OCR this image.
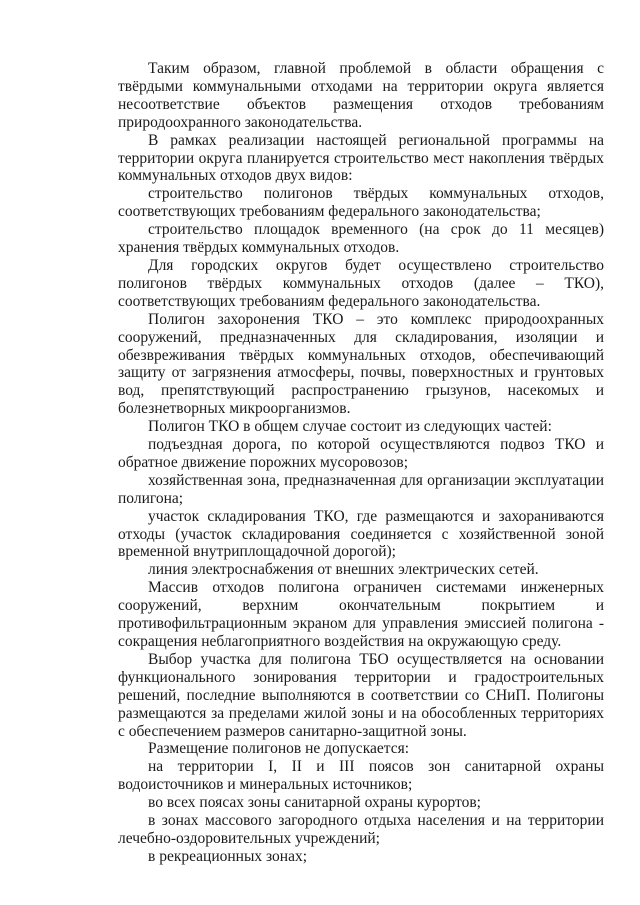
Таким образом, главной проблемой в области обращения с твёрдыми коммунальными отходами на территории округа является несоответствие объектов размещения отходов требованиям природоохранного законодательства.

В рамках реализации настоящей региональной программы на территории округа планируется строительство мест накопления твёрдых коммунальных отходов двух видов:

строительство полигонов твёрдых коммунальных отходов, соответствующих требованиям федерального законодательства;

строительство площадок временного (на срок до 11 месяцев) хранения твёрдых коммунальных отходов.

Для городских округов будет осуществлено строительство полигонов твёрдых коммунальных отходов (далее – ТКО), соответствующих требованиям федерального законодательства.

Полигон захоронения ТКО – это комплекс природоохранных сооружений, предназначенных для складирования, изоляции и обезвреживания твёрдых коммунальных отходов, обеспечивающий защиту от загрязнения атмосферы, почвы, поверхностных и грунтовых вод, препятствующий распространению грызунов, насекомых и болезнетворных микроорганизмов.

Полигон ТКО в общем случае состоит из следующих частей:

подъездная дорога, по которой осуществляются подвоз ТКО и обратное движение порожних мусоровозов;

хозяйственная зона, предназначенная для организации эксплуатации полигона;

участок складирования ТКО, где размещаются и захораниваются отходы (участок складирования соединяется с хозяйственной зоной временной внутриплощадочной дорогой);

линия электроснабжения от внешних электрических сетей.

Массив отходов полигона ограничен системами инженерных сооружений, верхним окончательным покрытием и противофильтрационным экраном для управления эмиссией полигона - сокращения неблагоприятного воздействия на окружающую среду.

Выбор участка для полигона ТБО осуществляется на основании функционального зонирования территории и градостроительных решений, последние выполняются в соответствии со СНиП. Полигоны размещаются за пределами жилой зоны и на обособленных территориях с обеспечением размеров санитарно-защитной зоны.

Размещение полигонов не допускается:

на территории I, II и III поясов зон санитарной охраны водоисточников и минеральных источников;

во всех поясах зоны санитарной охраны курортов;

в зонах массового загородного отдыха населения и на территории лечебно-оздоровительных учреждений;

в рекреационных зонах;
